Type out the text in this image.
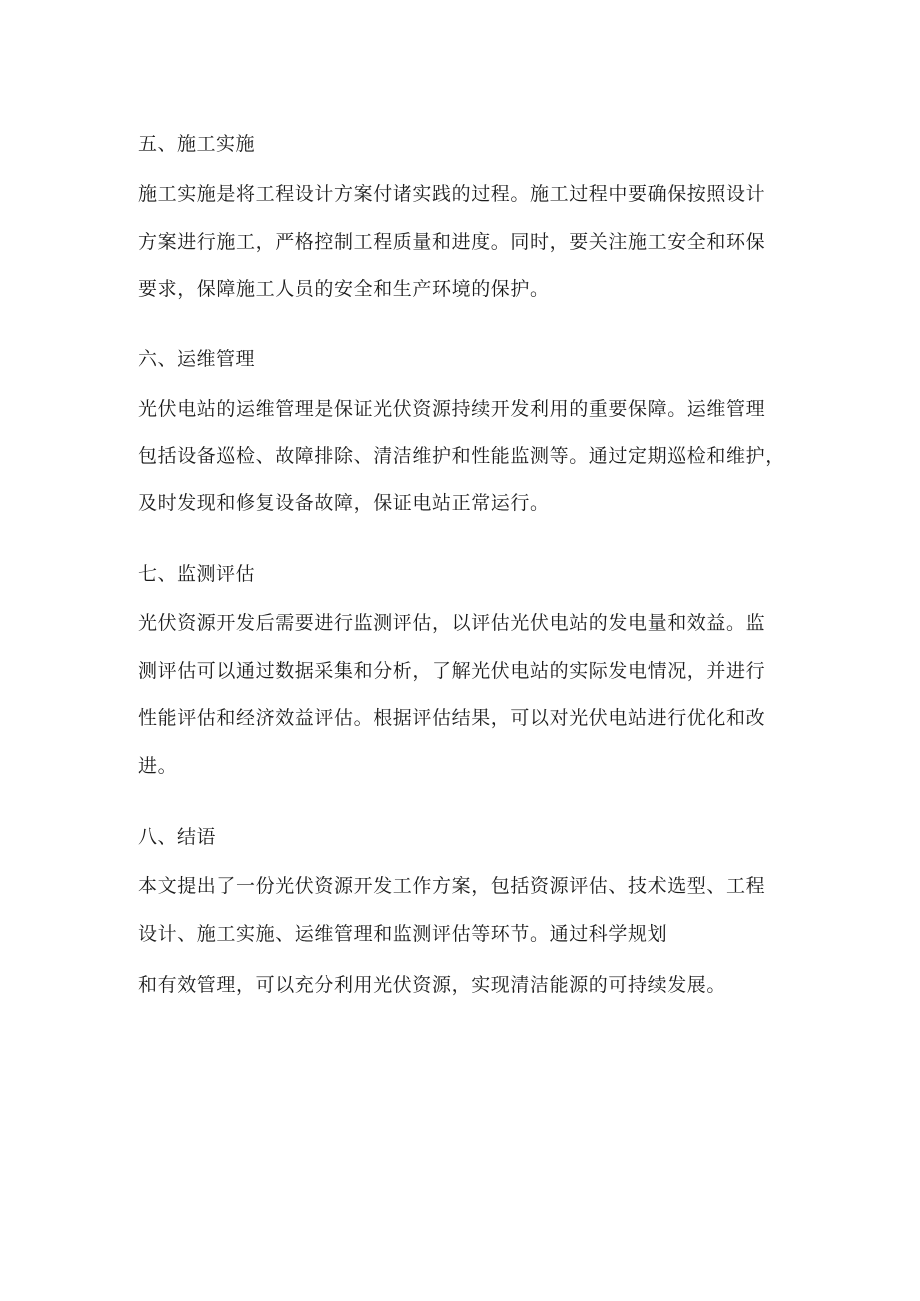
五、施工实施
施工实施是将工程设计方案付诸实践的过程。施工过程中要确保按照设计
方案进行施工，严格控制工程质量和进度。同时，要关注施工安全和环保
要求，保障施工人员的安全和生产环境的保护。
六、运维管理
光伏电站的运维管理是保证光伏资源持续开发利用的重要保障。运维管理
包括设备巡检、故障排除、清洁维护和性能监测等。通过定期巡检和维护，
及时发现和修复设备故障，保证电站正常运行。
七、监测评估
光伏资源开发后需要进行监测评估，以评估光伏电站的发电量和效益。监
测评估可以通过数据采集和分析，了解光伏电站的实际发电情况，并进行
性能评估和经济效益评估。根据评估结果，可以对光伏电站进行优化和改
进。
八、结语
本文提出了一份光伏资源开发工作方案，包括资源评估、技术选型、工程
设计、施工实施、运维管理和监测评估等环节。通过科学规划
和有效管理，可以充分利用光伏资源，实现清洁能源的可持续发展。
